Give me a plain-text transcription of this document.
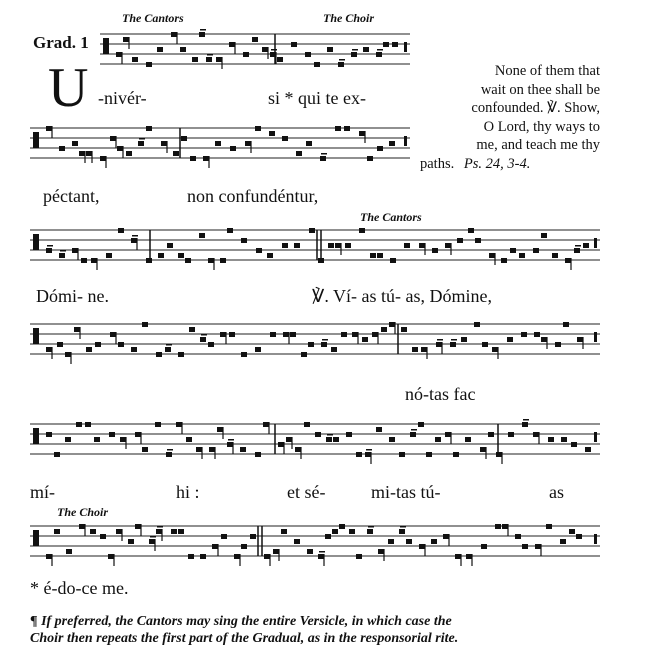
Grad. 1
U
The Cantors	The Choir
None of them that
wait on thee shall be
confounded. ℣. Show,
O Lord, thy ways to
me, and teach me thy
paths. Ps. 24, 3-4.
-nivér-	si * qui te ex-
péctant,	non confundéntur,
The Cantors
Dómi- ne.	℣. Ví- as tú- as, Dómine,
nó-tas fac
mí-	hi :	et sé-	mi-tas tú-	as
The Choir
* é-do-ce me.
¶ If preferred, the Cantors may sing the entire Versicle, in which case the
Choir then repeats the first part of the Gradual, as in the responsorial rite.
